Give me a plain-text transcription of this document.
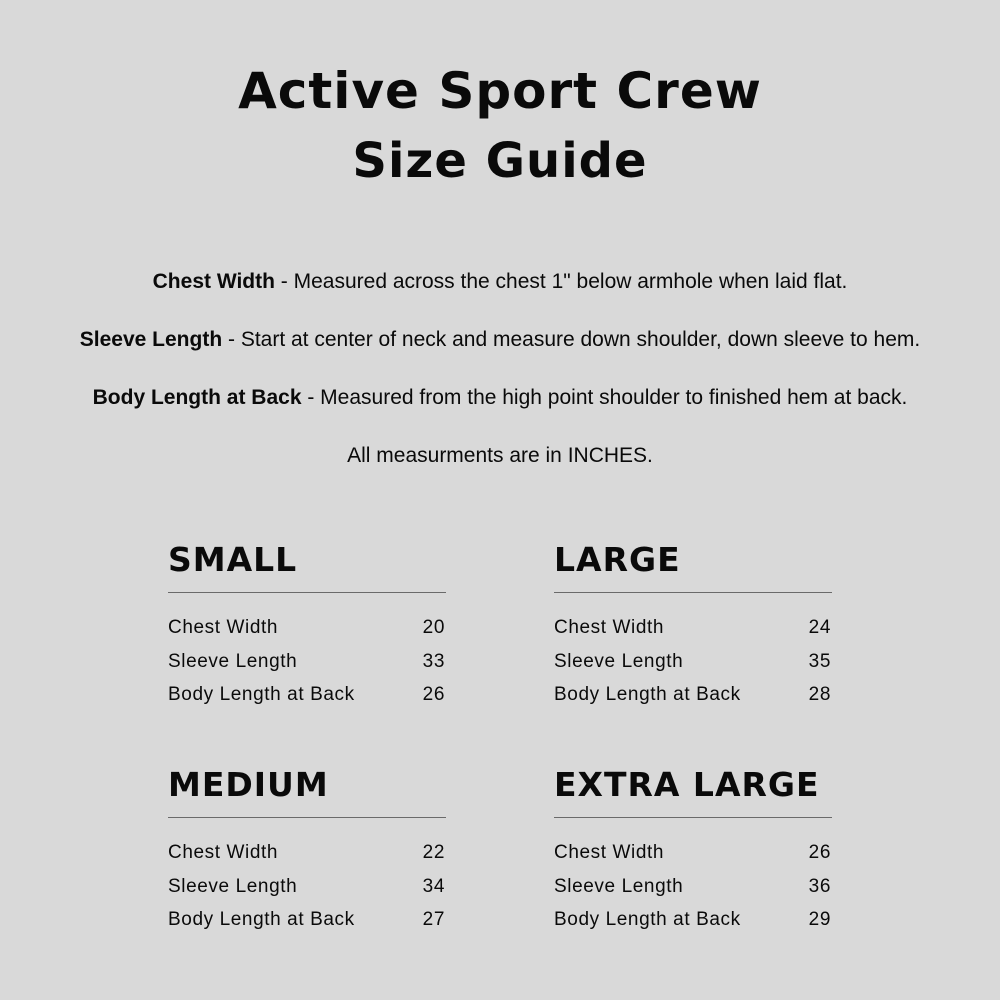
Active Sport Crew
Size Guide

Chest Width - Measured across the chest 1" below armhole when laid flat.

Sleeve Length - Start at center of neck and measure down shoulder, down sleeve to hem.

Body Length at Back - Measured from the high point shoulder to finished hem at back.

All measurments are in INCHES.

SMALL
Chest Width	20
Sleeve Length	33
Body Length at Back	26
LARGE
Chest Width	24
Sleeve Length	35
Body Length at Back	28
MEDIUM
Chest Width	22
Sleeve Length	34
Body Length at Back	27
EXTRA LARGE
Chest Width	26
Sleeve Length	36
Body Length at Back	29
